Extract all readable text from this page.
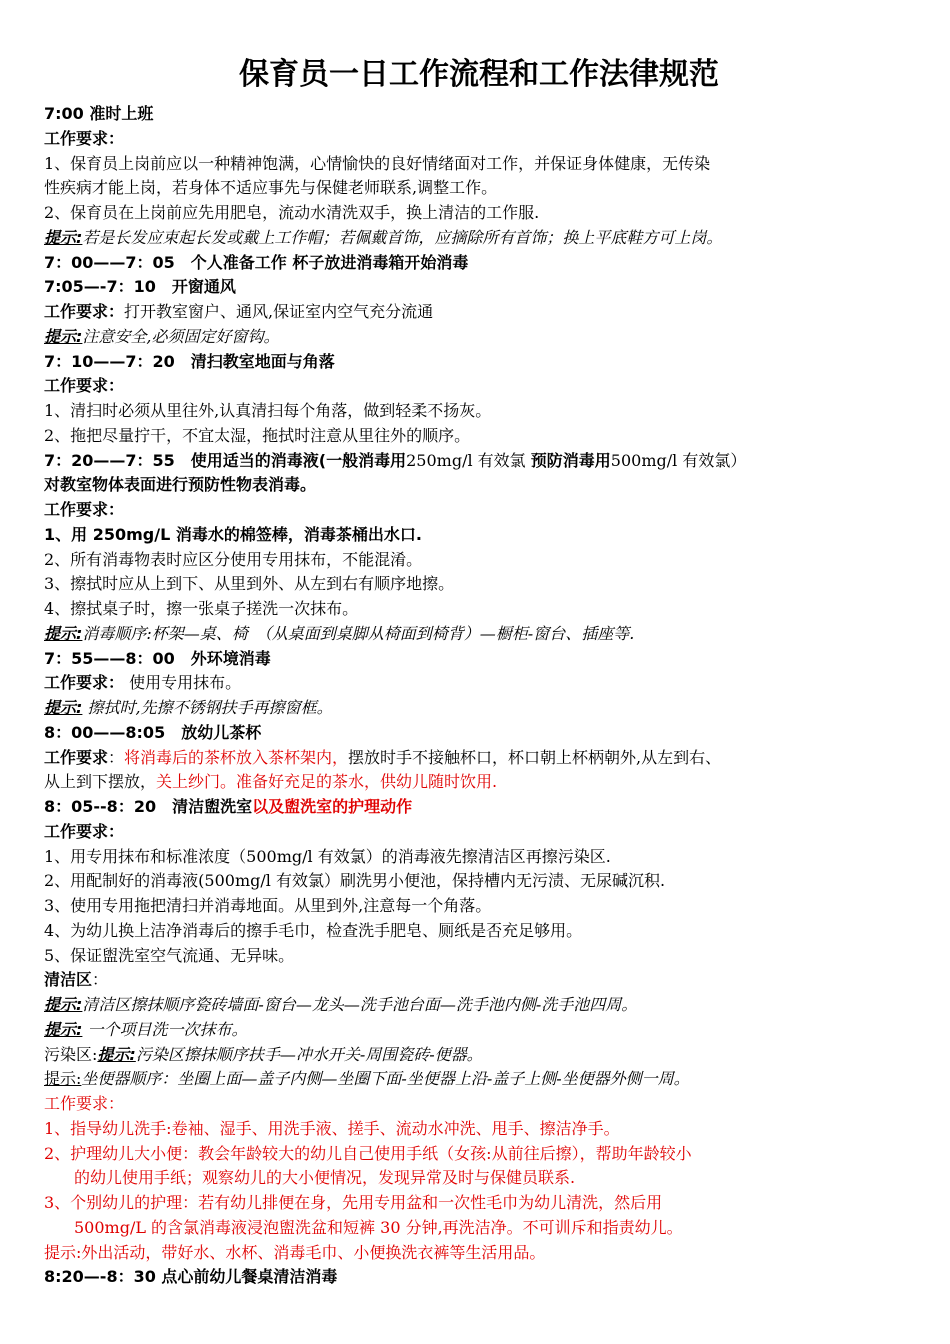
保育员一日工作流程和工作法律规范
7:00 准时上班
工作要求：
1、保育员上岗前应以一种精神饱满，心情愉快的良好情绪面对工作，并保证身体健康，无传染
性疾病才能上岗，若身体不适应事先与保健老师联系,调整工作。
2、保育员在上岗前应先用肥皂，流动水清洗双手，换上清洁的工作服.
提示:若是长发应束起长发或戴上工作帽；若佩戴首饰，应摘除所有首饰；换上平底鞋方可上岗。
7：00——7：05　个人准备工作 杯子放进消毒箱开始消毒
7:05—-7：10　开窗通风
工作要求：打开教室窗户、通风,保证室内空气充分流通
提示:注意安全,必须固定好窗钩。
7：10——7：20　清扫教室地面与角落
工作要求：
1、清扫时必须从里往外,认真清扫每个角落，做到轻柔不扬灰。
2、拖把尽量拧干，不宜太湿，拖拭时注意从里往外的顺序。
7：20——7：55　使用适当的消毒液(一般消毒用250mg/l 有效氯 预防消毒用500mg/l 有效氯）
对教室物体表面进行预防性物表消毒。
工作要求：
1、用 250mg/L 消毒水的棉签棒，消毒茶桶出水口.
2、所有消毒物表时应区分使用专用抹布，不能混淆。
3、擦拭时应从上到下、从里到外、从左到右有顺序地擦。
4、擦拭桌子时，擦一张桌子搓洗一次抹布。
提示:消毒顺序:杯架—桌、椅　（从桌面到桌脚从椅面到椅背）—橱柜-窗台、插座等.
7：55——8：00　外环境消毒
工作要求： 使用专用抹布。
提示: 擦拭时,先擦不锈钢扶手再擦窗框。
8：00——8:05　放幼儿茶杯
工作要求：将消毒后的茶杯放入茶杯架内，摆放时手不接触杯口，杯口朝上杯柄朝外,从左到右、
从上到下摆放，关上纱门。准备好充足的茶水，供幼儿随时饮用.
8：05--8：20　清洁盥洗室以及盥洗室的护理动作
工作要求：
1、用专用抹布和标准浓度（500mg/l 有效氯）的消毒液先擦清洁区再擦污染区.
2、用配制好的消毒液(500mg/l 有效氯）刷洗男小便池，保持槽内无污渍、无尿碱沉积.
3、使用专用拖把清扫并消毒地面。从里到外,注意每一个角落。
4、为幼儿换上洁净消毒后的擦手毛巾，检查洗手肥皂、厕纸是否充足够用。
5、保证盥洗室空气流通、无异味。
清洁区：
提示:清洁区擦抹顺序瓷砖墙面-窗台—龙头—洗手池台面—洗手池内侧-洗手池四周。
提示: 一个项目洗一次抹布。
污染区:提示:污染区擦抹顺序扶手—冲水开关-周围瓷砖-便器。
提示:坐便器顺序：坐圈上面—盖子内侧—坐圈下面-坐便器上沿-盖子上侧-坐便器外侧一周。
工作要求：
1、指导幼儿洗手:卷袖、湿手、用洗手液、搓手、流动水冲洗、甩手、擦洁净手。
2、护理幼儿大小便：教会年龄较大的幼儿自己使用手纸（女孩:从前往后擦），帮助年龄较小
的幼儿使用手纸；观察幼儿的大小便情况，发现异常及时与保健员联系.
3、个别幼儿的护理：若有幼儿排便在身，先用专用盆和一次性毛巾为幼儿清洗，然后用
500mg/L 的含氯消毒液浸泡盥洗盆和短裤 30 分钟,再洗洁净。不可训斥和指责幼儿。
提示:外出活动，带好水、水杯、消毒毛巾、小便换洗衣裤等生活用品。
8:20—-8：30 点心前幼儿餐桌清洁消毒
